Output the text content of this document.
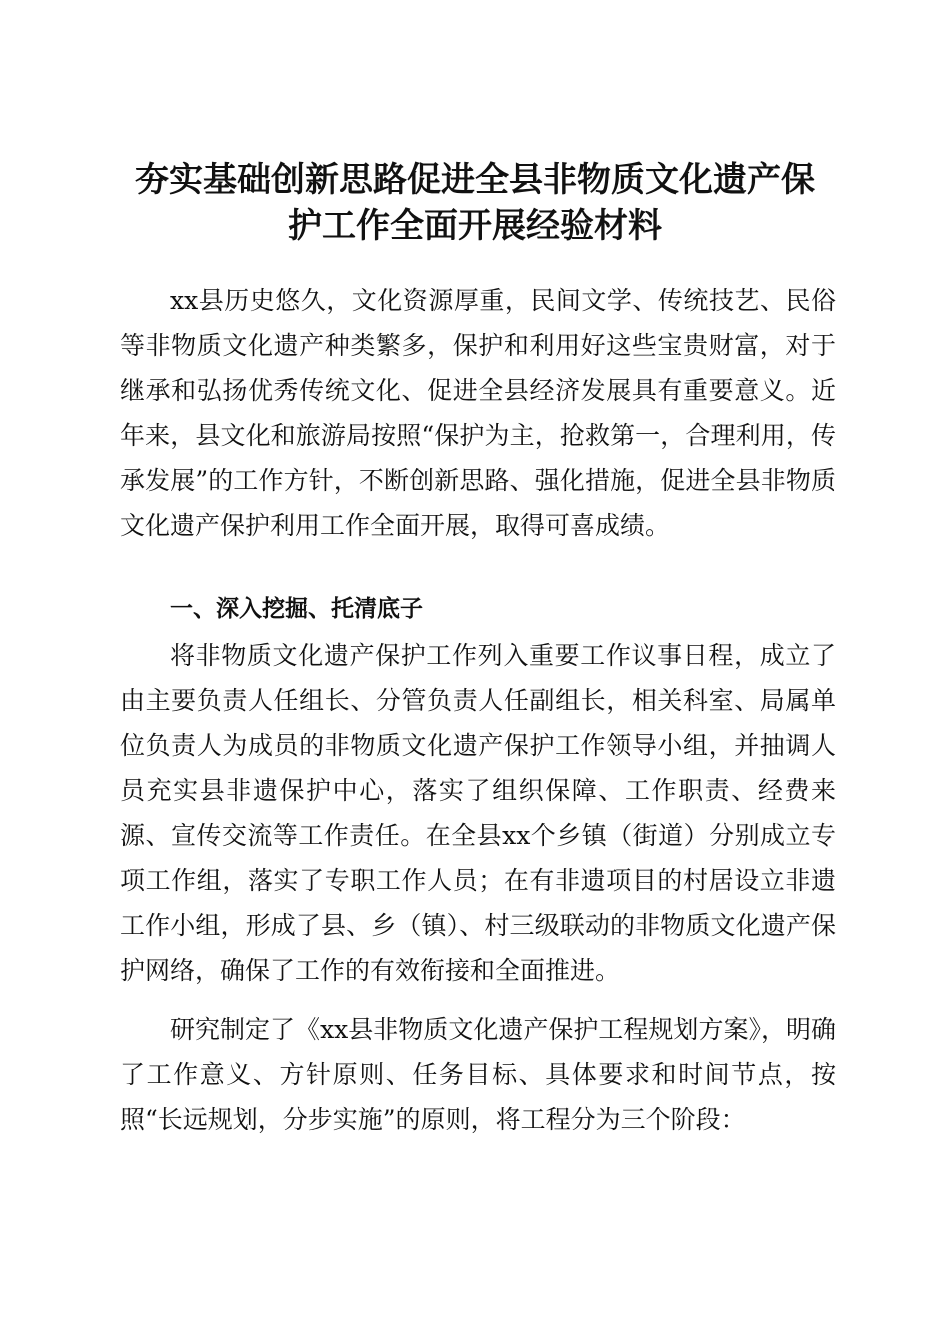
夯实基础创新思路促进全县非物质文化遗产保
护工作全面开展经验材料

xx县历史悠久，文化资源厚重，民间文学、传统技艺、民俗等非物质文化遗产种类繁多，保护和利用好这些宝贵财富，对于继承和弘扬优秀传统文化、促进全县经济发展具有重要意义。近年来，县文化和旅游局按照“保护为主，抢救第一，合理利用，传承发展”的工作方针，不断创新思路、强化措施，促进全县非物质文化遗产保护利用工作全面开展，取得可喜成绩。

一、深入挖掘、托清底子

将非物质文化遗产保护工作列入重要工作议事日程，成立了由主要负责人任组长、分管负责人任副组长，相关科室、局属单位负责人为成员的非物质文化遗产保护工作领导小组，并抽调人员充实县非遗保护中心，落实了组织保障、工作职责、经费来源、宣传交流等工作责任。在全县xx个乡镇（街道）分别成立专项工作组，落实了专职工作人员；在有非遗项目的村居设立非遗工作小组，形成了县、乡（镇）、村三级联动的非物质文化遗产保护网络，确保了工作的有效衔接和全面推进。

研究制定了《xx县非物质文化遗产保护工程规划方案》，明确了工作意义、方针原则、任务目标、具体要求和时间节点，按照“长远规划，分步实施”的原则，将工程分为三个阶段：
